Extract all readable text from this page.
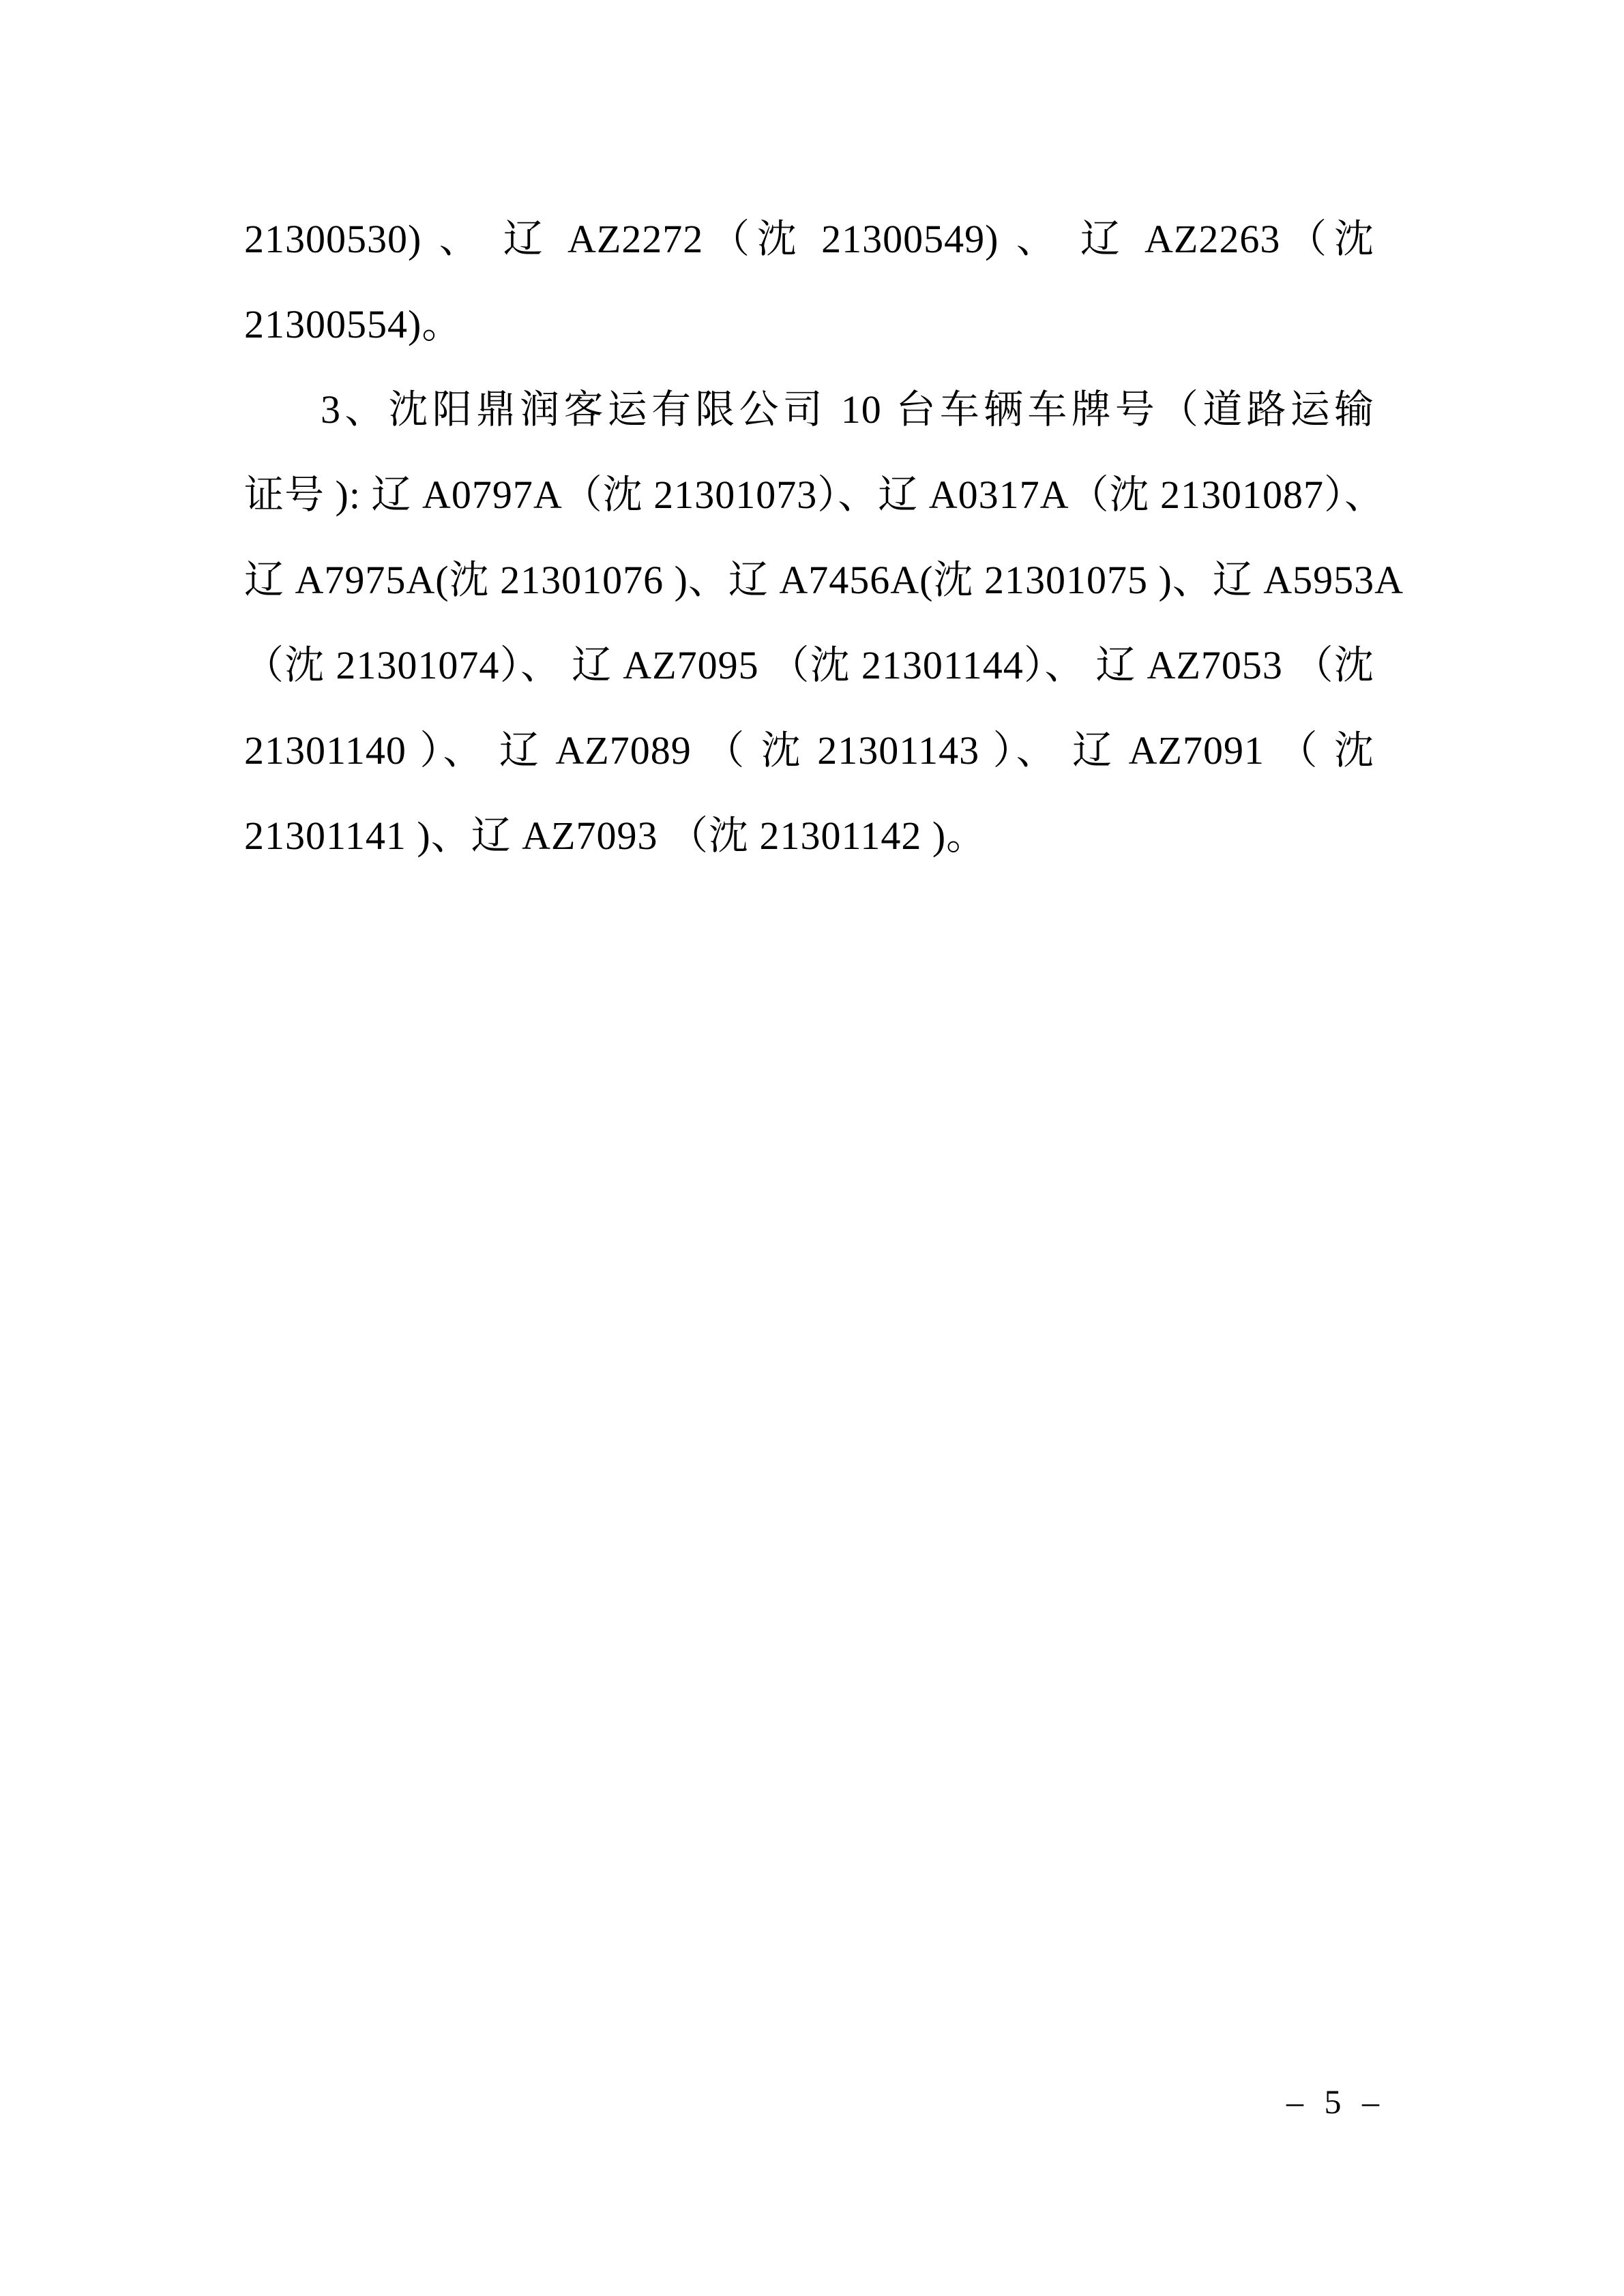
21300530) 、 辽 AZ2272（沈 21300549) 、 辽 AZ2263（沈

21300554)。

3、沈阳鼎润客运有限公司 10 台车辆车牌号（道路运输

证号 ): 辽 A0797A（沈 21301073）、辽 A0317A（沈 21301087）、

辽 A7975A(沈 21301076 )、辽 A7456A(沈 21301075 )、辽 A5953A

（沈 21301074）、 辽 AZ7095 （沈 21301144）、 辽 AZ7053 （沈

21301140 ）、 辽 AZ7089 （ 沈 21301143 ）、 辽 AZ7091 （ 沈

21301141 )、辽 AZ7093 （沈 21301142 )。

– 5 –
